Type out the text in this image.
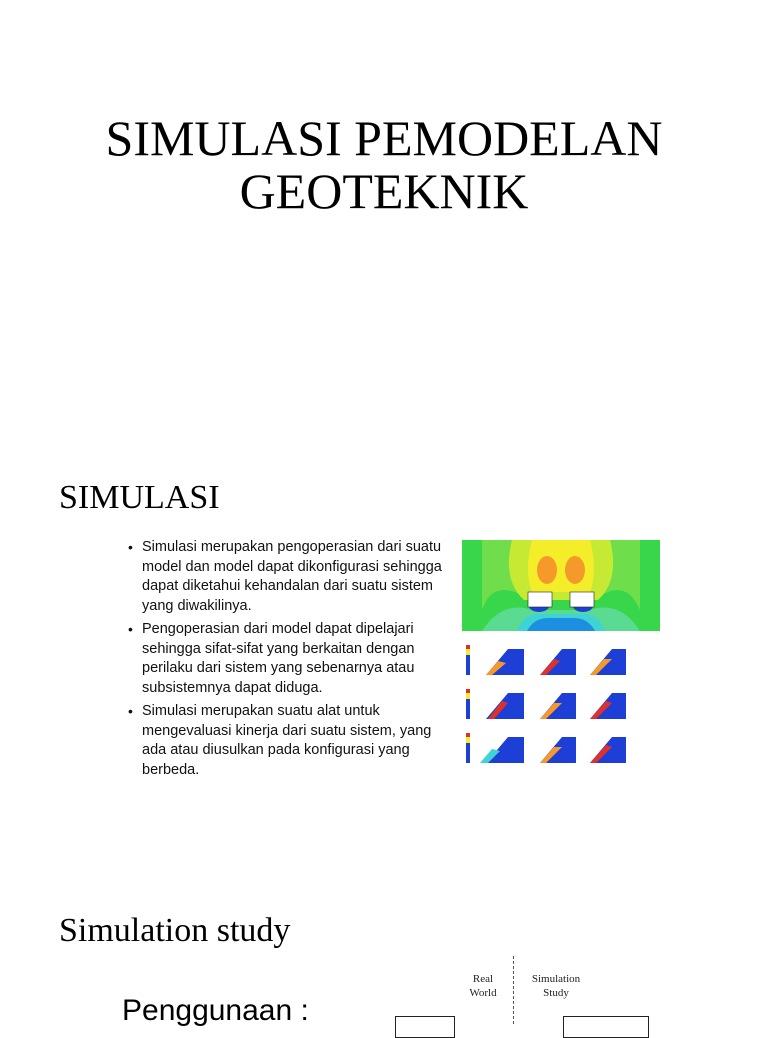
SIMULASI PEMODELAN
GEOTEKNIK
SIMULASI
• Simulasi merupakan pengoperasian dari suatu model dan model dapat dikonfigurasi sehingga dapat diketahui kehandalan dari suatu sistem yang diwakilinya.
• Pengoperasian dari model dapat dipelajari sehingga sifat-sifat yang berkaitan dengan perilaku dari sistem yang sebenarnya atau subsistemnya dapat diduga.
• Simulasi merupakan suatu alat untuk mengevaluasi kinerja dari suatu sistem, yang ada atau diusulkan pada konfigurasi yang berbeda.
Simulation study
Penggunaan :
Real
World
Simulation
Study
